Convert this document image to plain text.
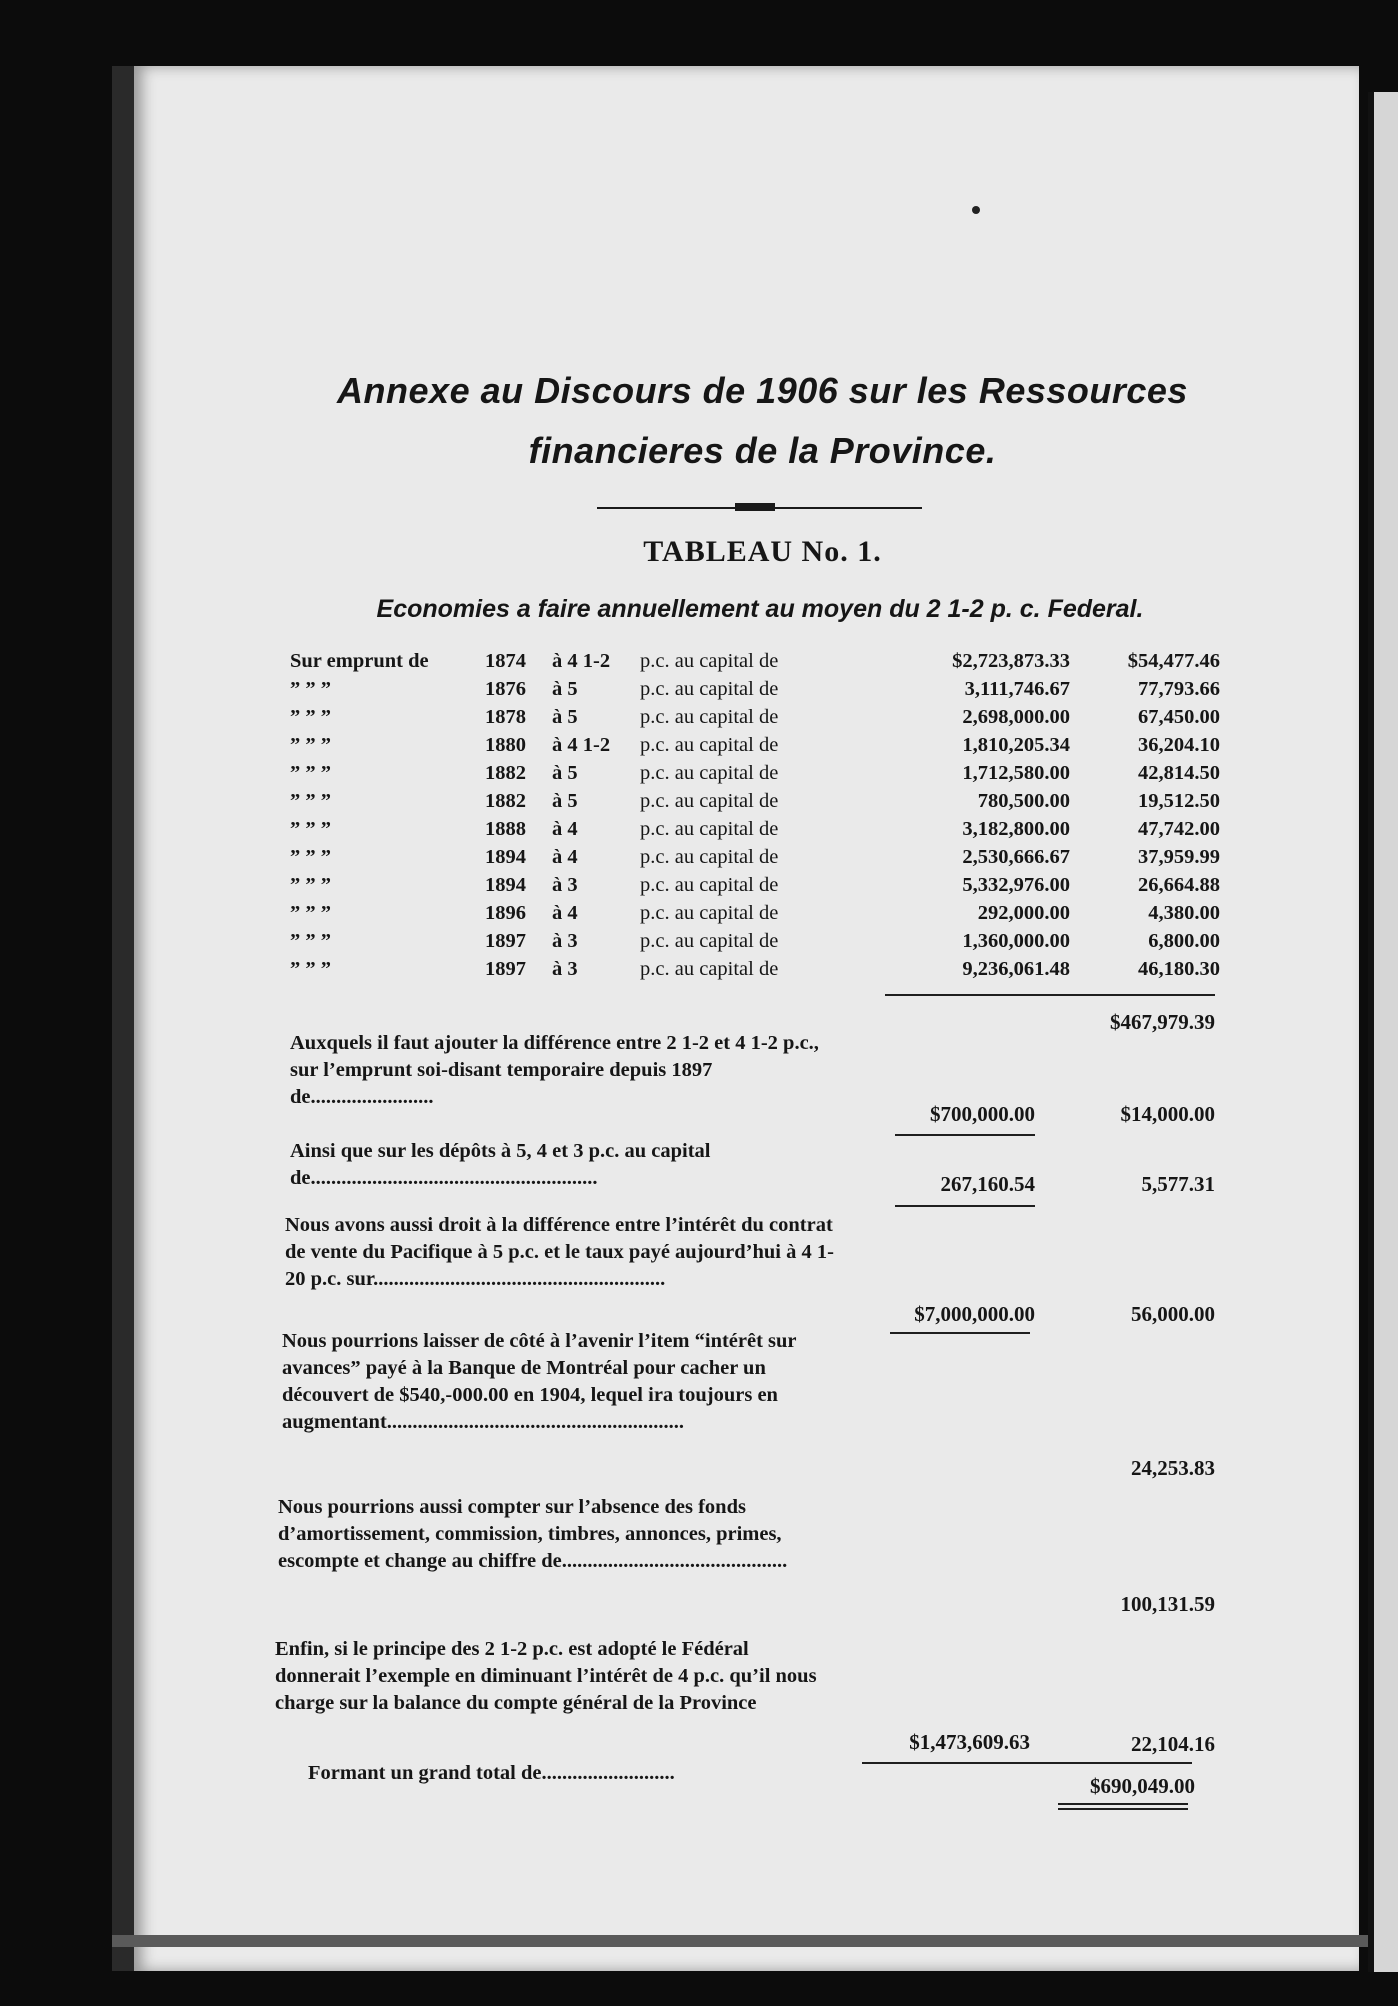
Annexe au Discours de 1906 sur les Ressources
financieres de la Province.
TABLEAU No. 1.
Economies a faire annuellement au moyen du 2 1-2 p. c. Federal.
Sur emprunt de	1874 à 4 1-2 p.c. au capital de	$2,723,873.33	$54,477.46
” ” ”	1876 à 5	p.c. au capital de	3,111,746.67	77,793.66
” ” ”	1878 à 5	p.c. au capital de	2,698,000.00	67,450.00
” ” ”	1880 à 4 1-2 p.c. au capital de	1,810,205.34	36,204.10
” ” ”	1882 à 5	p.c. au capital de	1,712,580.00	42,814.50
” ” ”	1882 à 5	p.c. au capital de	780,500.00	19,512.50
” ” ”	1888 à 4	p.c. au capital de	3,182,800.00	47,742.00
” ” ”	1894 à 4	p.c. au capital de	2,530,666.67	37,959.99
” ” ”	1894 à 3	p.c. au capital de	5,332,976.00	26,664.88
” ” ”	1896 à 4	p.c. au capital de	292,000.00	4,380.00
” ” ”	1897 à 3	p.c. au capital de	1,360,000.00	6,800.00
” ” ”	1897 à 3	p.c. au capital de	9,236,061.48	46,180.30
$467,979.39
Auxquels il faut ajouter la différence entre 2 1-2 et 4 1-2 p.c., sur l’emprunt soi-disant temporaire depuis 1897 de........................
$700,000.00	$14,000.00
Ainsi que sur les dépôts à 5, 4 et 3 p.c. au capital de........................................................	267,160.54	5,577.31
Nous avons aussi droit à la différence entre l’intérêt du contrat de vente du Pacifique à 5 p.c. et le taux payé aujourd’hui à 4 1-20 p.c. sur.........................................................
$7,000,000.00	56,000.00
Nous pourrions laisser de côté à l’avenir l’item “intérêt sur avances” payé à la Banque de Montréal pour cacher un découvert de $540,-000.00 en 1904, lequel ira toujours en augmentant..........................................................
24,253.83
Nous pourrions aussi compter sur l’absence des fonds d’amortissement, commission, timbres, annonces, primes, escompte et change au chiffre de............................................
100,131.59
Enfin, si le principe des 2 1-2 p.c. est adopté le Fédéral donnerait l’exemple en diminuant l’intérêt de 4 p.c. qu’il nous charge sur la balance du compte général de la Province
$1,473,609.63	22,104.16
Formant un grand total de..........................
$690,049.00
